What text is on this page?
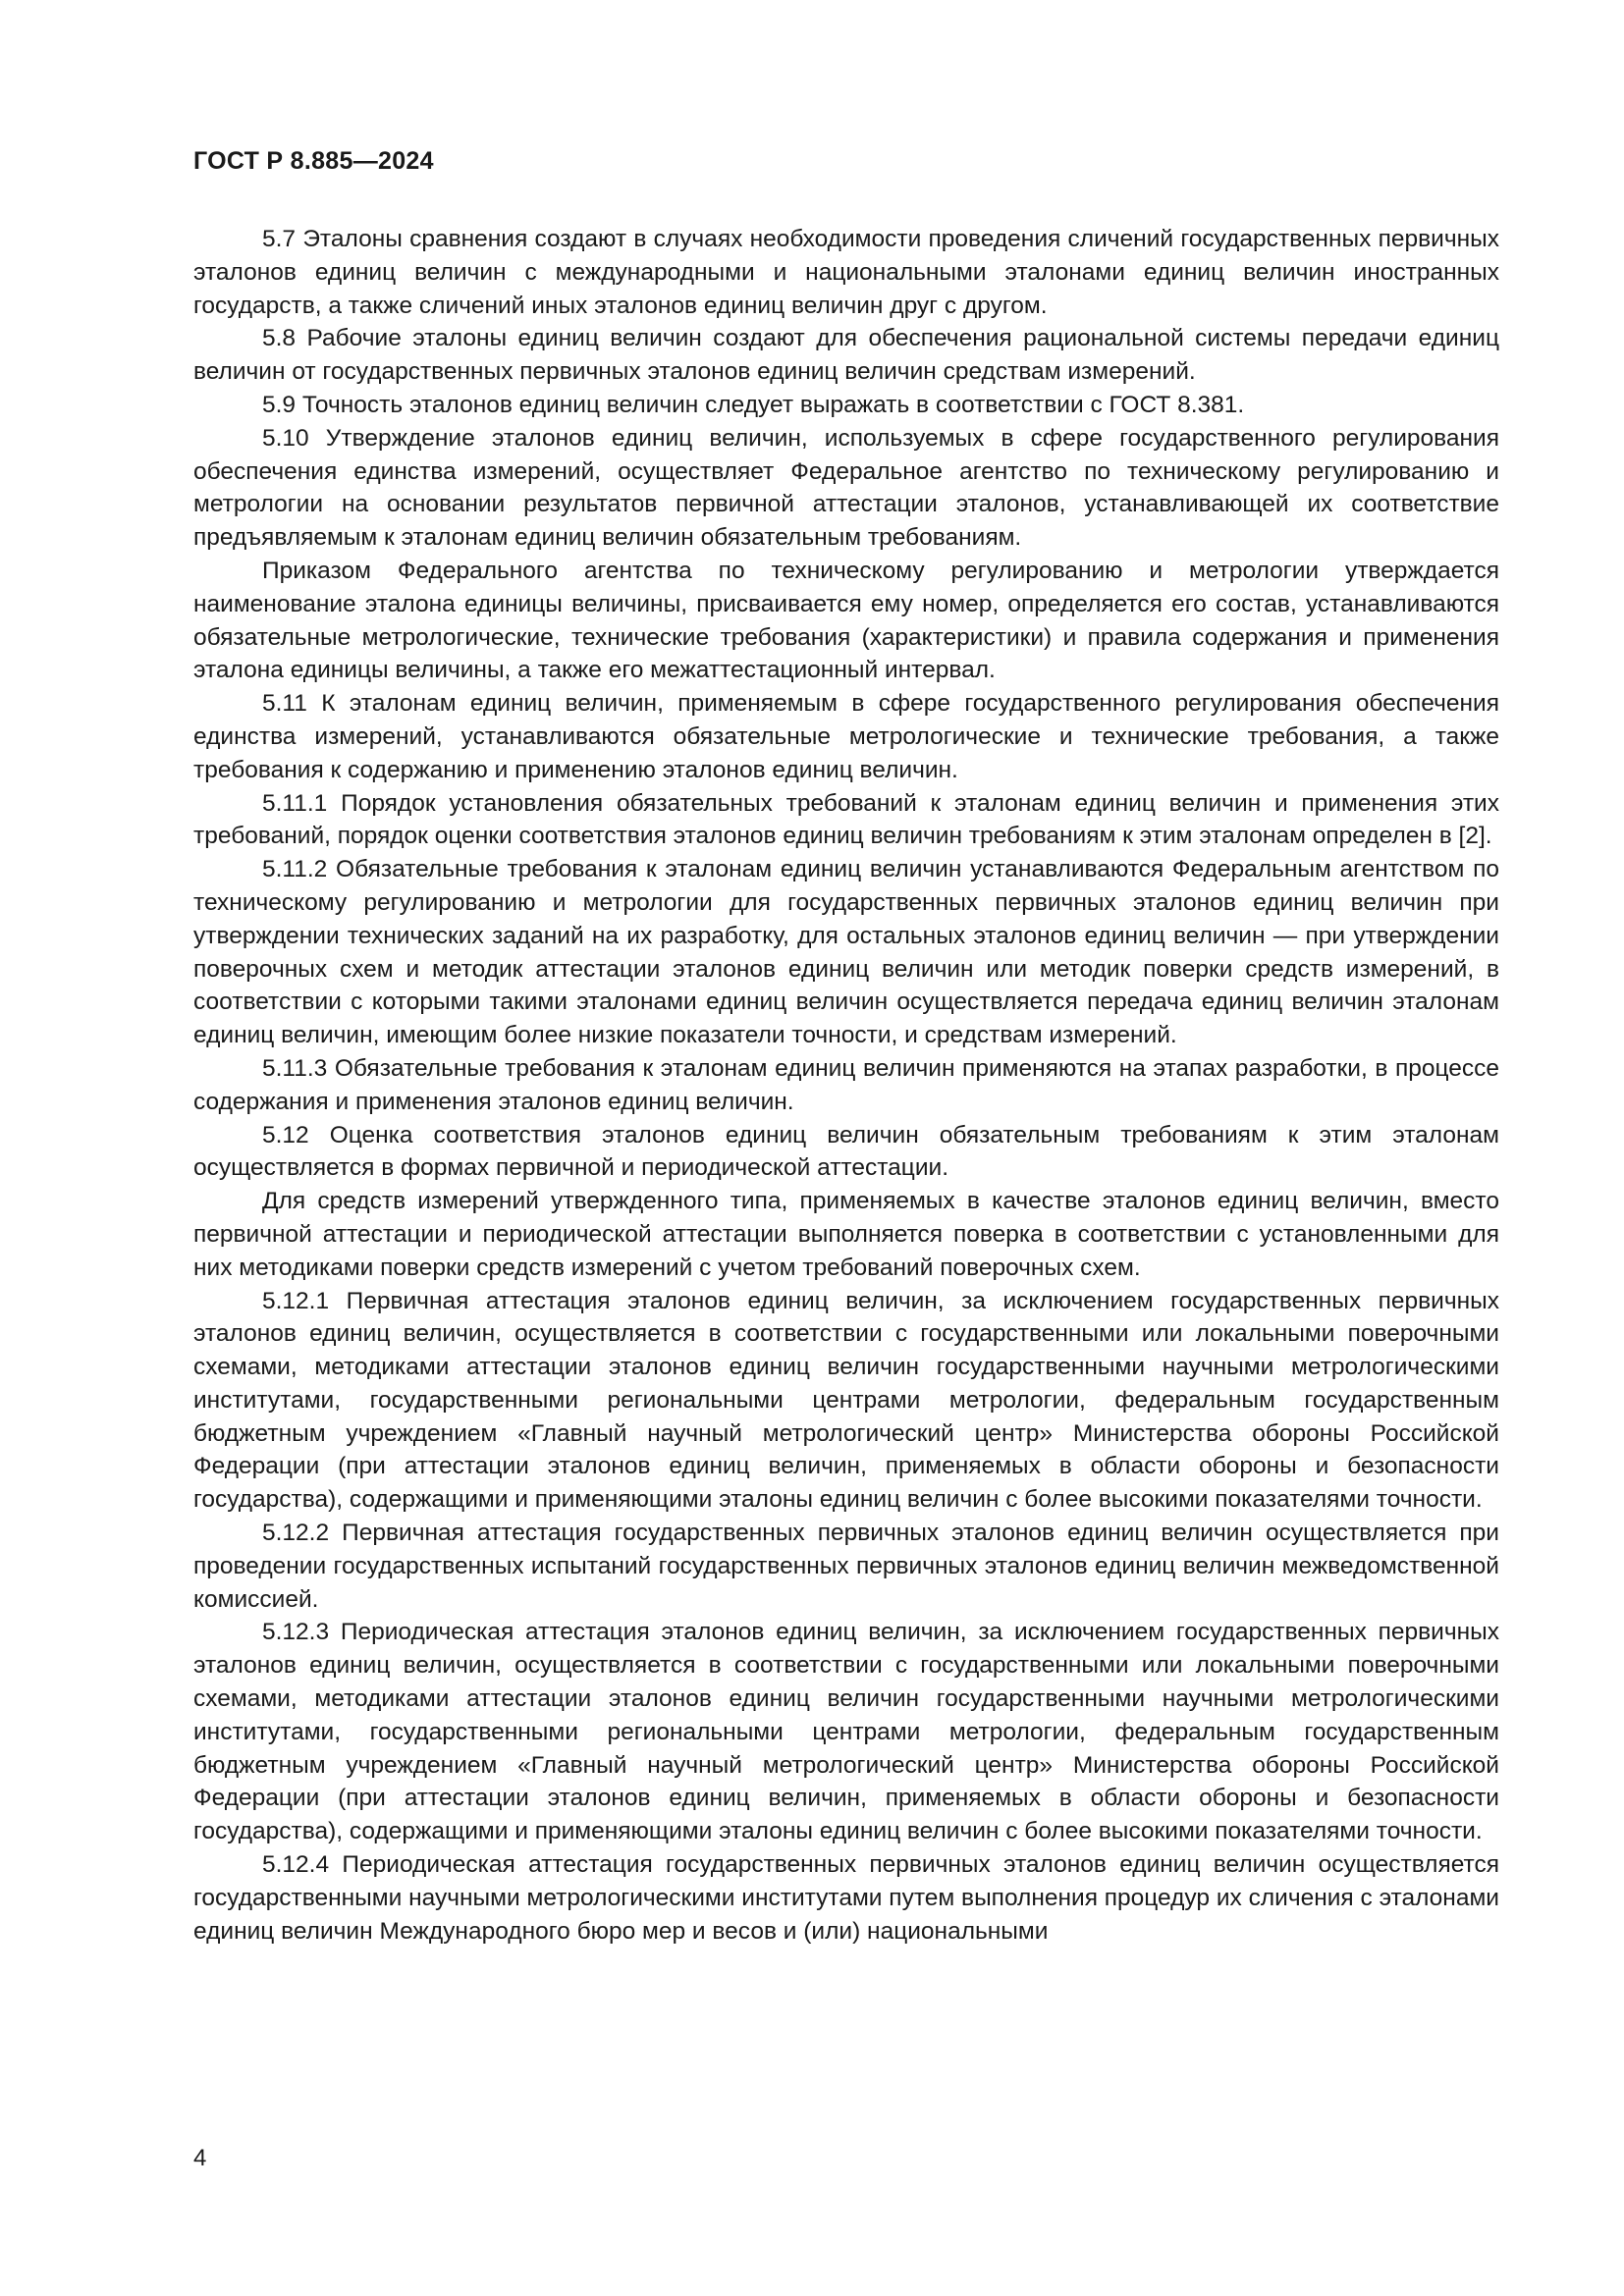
ГОСТ Р 8.885—2024

5.7 Эталоны сравнения создают в случаях необходимости проведения сличений государственных первичных эталонов единиц величин с международными и национальными эталонами единиц величин иностранных государств, а также сличений иных эталонов единиц величин друг с другом.

5.8 Рабочие эталоны единиц величин создают для обеспечения рациональной системы передачи единиц величин от государственных первичных эталонов единиц величин средствам измерений.

5.9 Точность эталонов единиц величин следует выражать в соответствии с ГОСТ 8.381.

5.10 Утверждение эталонов единиц величин, используемых в сфере государственного регулирования обеспечения единства измерений, осуществляет Федеральное агентство по техническому регулированию и метрологии на основании результатов первичной аттестации эталонов, устанавливающей их соответствие предъявляемым к эталонам единиц величин обязательным требованиям.

Приказом Федерального агентства по техническому регулированию и метрологии утверждается наименование эталона единицы величины, присваивается ему номер, определяется его состав, устанавливаются обязательные метрологические, технические требования (характеристики) и правила содержания и применения эталона единицы величины, а также его межаттестационный интервал.

5.11 К эталонам единиц величин, применяемым в сфере государственного регулирования обеспечения единства измерений, устанавливаются обязательные метрологические и технические требования, а также требования к содержанию и применению эталонов единиц величин.

5.11.1 Порядок установления обязательных требований к эталонам единиц величин и применения этих требований, порядок оценки соответствия эталонов единиц величин требованиям к этим эталонам определен в [2].

5.11.2 Обязательные требования к эталонам единиц величин устанавливаются Федеральным агентством по техническому регулированию и метрологии для государственных первичных эталонов единиц величин при утверждении технических заданий на их разработку, для остальных эталонов единиц величин — при утверждении поверочных схем и методик аттестации эталонов единиц величин или методик поверки средств измерений, в соответствии с которыми такими эталонами единиц величин осуществляется передача единиц величин эталонам единиц величин, имеющим более низкие показатели точности, и средствам измерений.

5.11.3 Обязательные требования к эталонам единиц величин применяются на этапах разработки, в процессе содержания и применения эталонов единиц величин.

5.12 Оценка соответствия эталонов единиц величин обязательным требованиям к этим эталонам осуществляется в формах первичной и периодической аттестации.

Для средств измерений утвержденного типа, применяемых в качестве эталонов единиц величин, вместо первичной аттестации и периодической аттестации выполняется поверка в соответствии с установленными для них методиками поверки средств измерений с учетом требований поверочных схем.

5.12.1 Первичная аттестация эталонов единиц величин, за исключением государственных первичных эталонов единиц величин, осуществляется в соответствии с государственными или локальными поверочными схемами, методиками аттестации эталонов единиц величин государственными научными метрологическими институтами, государственными региональными центрами метрологии, федеральным государственным бюджетным учреждением «Главный научный метрологический центр» Министерства обороны Российской Федерации (при аттестации эталонов единиц величин, применяемых в области обороны и безопасности государства), содержащими и применяющими эталоны единиц величин с более высокими показателями точности.

5.12.2 Первичная аттестация государственных первичных эталонов единиц величин осуществляется при проведении государственных испытаний государственных первичных эталонов единиц величин межведомственной комиссией.

5.12.3 Периодическая аттестация эталонов единиц величин, за исключением государственных первичных эталонов единиц величин, осуществляется в соответствии с государственными или локальными поверочными схемами, методиками аттестации эталонов единиц величин государственными научными метрологическими институтами, государственными региональными центрами метрологии, федеральным государственным бюджетным учреждением «Главный научный метрологический центр» Министерства обороны Российской Федерации (при аттестации эталонов единиц величин, применяемых в области обороны и безопасности государства), содержащими и применяющими эталоны единиц величин с более высокими показателями точности.

5.12.4 Периодическая аттестация государственных первичных эталонов единиц величин осуществляется государственными научными метрологическими институтами путем выполнения процедур их сличения с эталонами единиц величин Международного бюро мер и весов и (или) национальными

4
